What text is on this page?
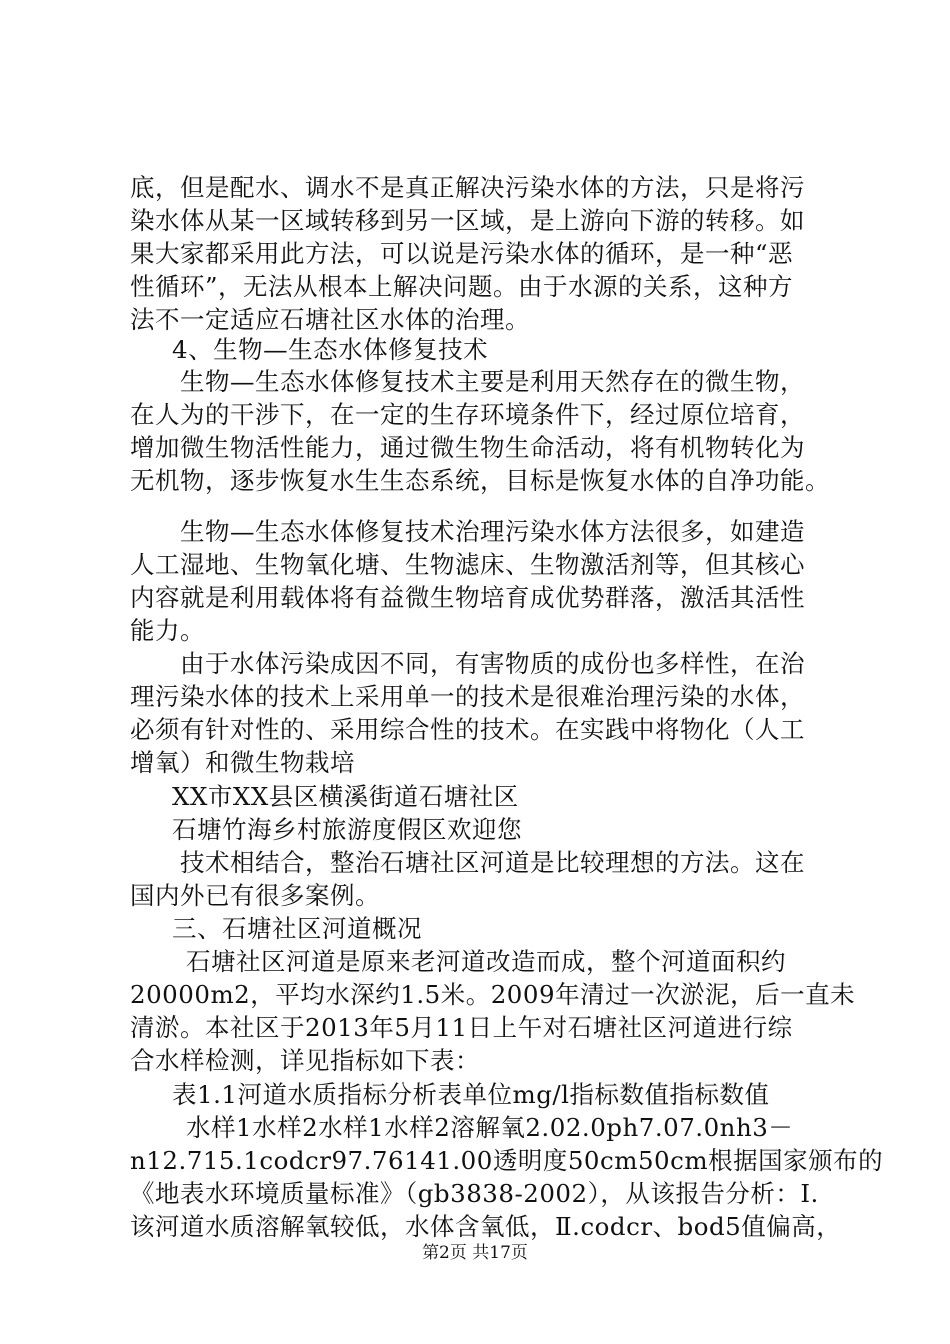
底，但是配水、调水不是真正解决污染水体的方法，只是将污
染水体从某一区域转移到另一区域，是上游向下游的转移。如
果大家都采用此方法，可以说是污染水体的循环，是一种“恶
性循环”，无法从根本上解决问题。由于水源的关系，这种方
法不一定适应石塘社区水体的治理。
4、生物—生态水体修复技术
生物—生态水体修复技术主要是利用天然存在的微生物，
在人为的干涉下，在一定的生存环境条件下，经过原位培育，
增加微生物活性能力，通过微生物生命活动，将有机物转化为
无机物，逐步恢复水生生态系统，目标是恢复水体的自净功能。
生物—生态水体修复技术治理污染水体方法很多，如建造
人工湿地、生物氧化塘、生物滤床、生物激活剂等，但其核心
内容就是利用载体将有益微生物培育成优势群落，激活其活性
能力。
由于水体污染成因不同，有害物质的成份也多样性，在治
理污染水体的技术上采用单一的技术是很难治理污染的水体，
必须有针对性的、采用综合性的技术。在实践中将物化（人工
增氧）和微生物栽培
XX市XX县区横溪街道石塘社区
石塘竹海乡村旅游度假区欢迎您
技术相结合，整治石塘社区河道是比较理想的方法。这在
国内外已有很多案例。
三、石塘社区河道概况
石塘社区河道是原来老河道改造而成，整个河道面积约
20000m2，平均水深约1.5米。2009年清过一次淤泥，后一直未
清淤。本社区于2013年5月11日上午对石塘社区河道进行综
合水样检测，详见指标如下表：
表1.1河道水质指标分析表单位mg/l指标数值指标数值
水样1水样2水样1水样2溶解氧2.02.0ph7.07.0nh3－
n12.715.1codcr97.76141.00透明度50cm50cm根据国家颁布的
《地表水环境质量标准》（gb3838-2002），从该报告分析：Ⅰ.
该河道水质溶解氧较低，水体含氧低，Ⅱ.codcr、bod5值偏高，
第2页 共17页
